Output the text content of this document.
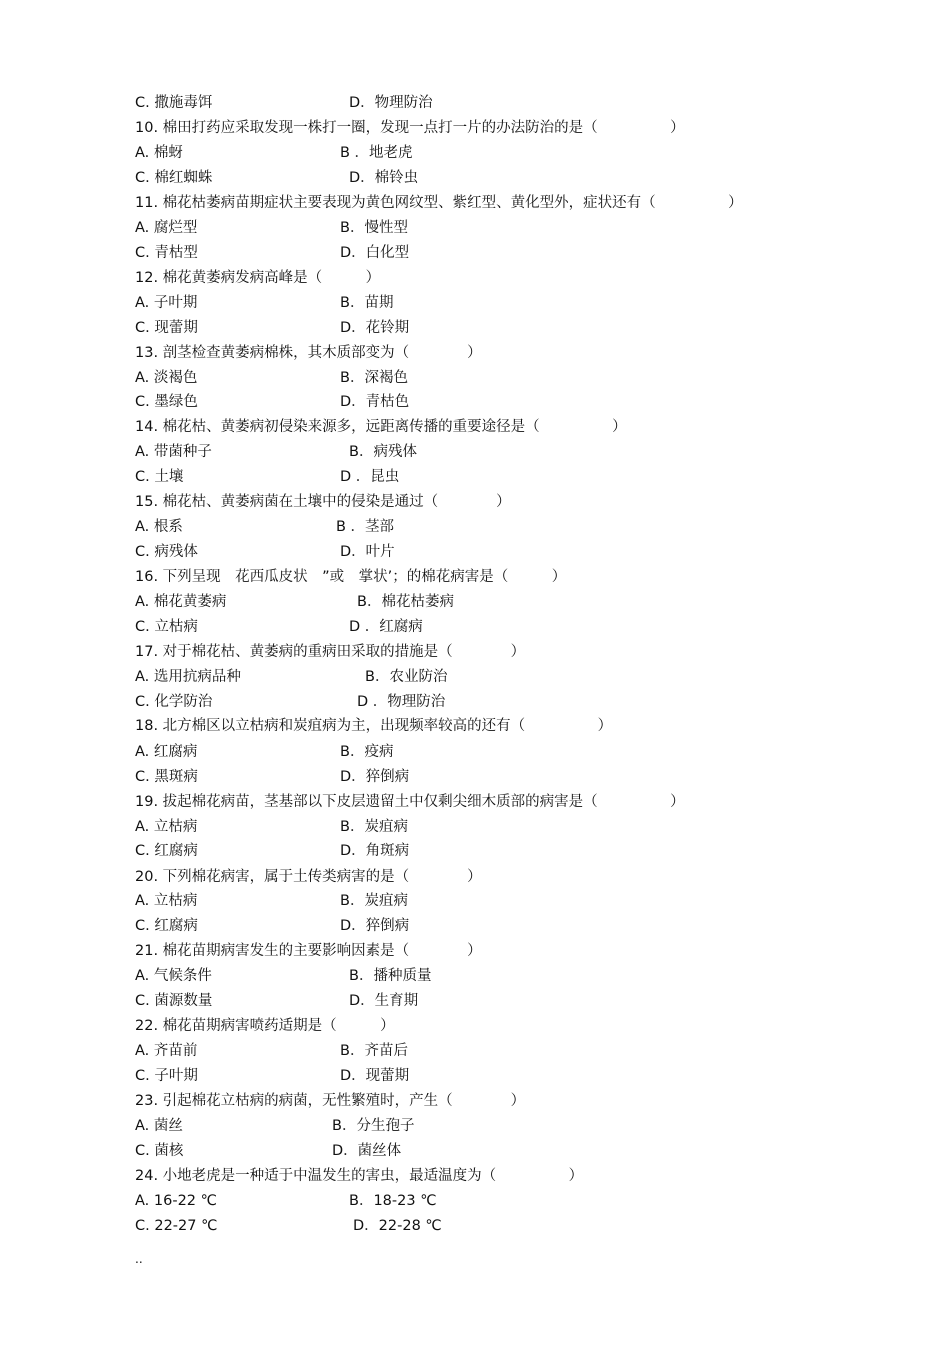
C. 撒施毒饵

	D．物理防治

10. 棉田打药应采取发现一株打一圈，发现一点打一片的办法防治的是（　　　　　）

A. 棉蚜

	B ．地老虎

C. 棉红蜘蛛

	D．棉铃虫

11. 棉花枯萎病苗期症状主要表现为黄色网纹型、紫红型、黄化型外，症状还有（　　　　　）

A. 腐烂型

	B．慢性型

C. 青枯型

	D．白化型

12. 棉花黄萎病发病高峰是（　　　）

A. 子叶期

	B．苗期

C. 现蕾期

	D．花铃期

13. 剖茎检查黄萎病棉株，其木质部变为（　　　　）

A. 淡褐色

	B．深褐色

C. 墨绿色

	D．青枯色

14. 棉花枯、黄萎病初侵染来源多，远距离传播的重要途径是（　　　　　）

A. 带菌种子

	B．病残体

C. 土壤

	D ．昆虫

15. 棉花枯、黄萎病菌在土壤中的侵染是通过（　　　　）

A. 根系

	B ．茎部

C. 病残体

	D．叶片

16. 下列呈现　花西瓜皮状　”或　掌状’；的棉花病害是（　　　）

A. 棉花黄萎病

	B．棉花枯萎病

C. 立枯病

	D ．红腐病

17. 对于棉花枯、黄萎病的重病田采取的措施是（　　　　）

A. 选用抗病品种

	B．农业防治

C. 化学防治

	D ．物理防治

18. 北方棉区以立枯病和炭疽病为主，出现频率较高的还有（　　　　　）

A. 红腐病

	B．疫病

C. 黑斑病

	D．猝倒病

19. 拔起棉花病苗，茎基部以下皮层遗留土中仅剩尖细木质部的病害是（　　　　　）

A. 立枯病

	B．炭疽病

C. 红腐病

	D．角斑病

20. 下列棉花病害，属于土传类病害的是（　　　　）

A. 立枯病

	B．炭疽病

C. 红腐病

	D．猝倒病

21. 棉花苗期病害发生的主要影响因素是（　　　　）

A. 气候条件

	B．播种质量

C. 菌源数量

	D．生育期

22. 棉花苗期病害喷药适期是（　　　）

A. 齐苗前

	B．齐苗后

C. 子叶期

	D．现蕾期

23. 引起棉花立枯病的病菌，无性繁殖时，产生（　　　　）

A. 菌丝

	B．分生孢子

C. 菌核

	D．菌丝体

24. 小地老虎是一种适于中温发生的害虫，最适温度为（　　　　　）

A. 16-22 ℃

	B．18-23 ℃

C. 22-27 ℃

	D．22-28 ℃

..
